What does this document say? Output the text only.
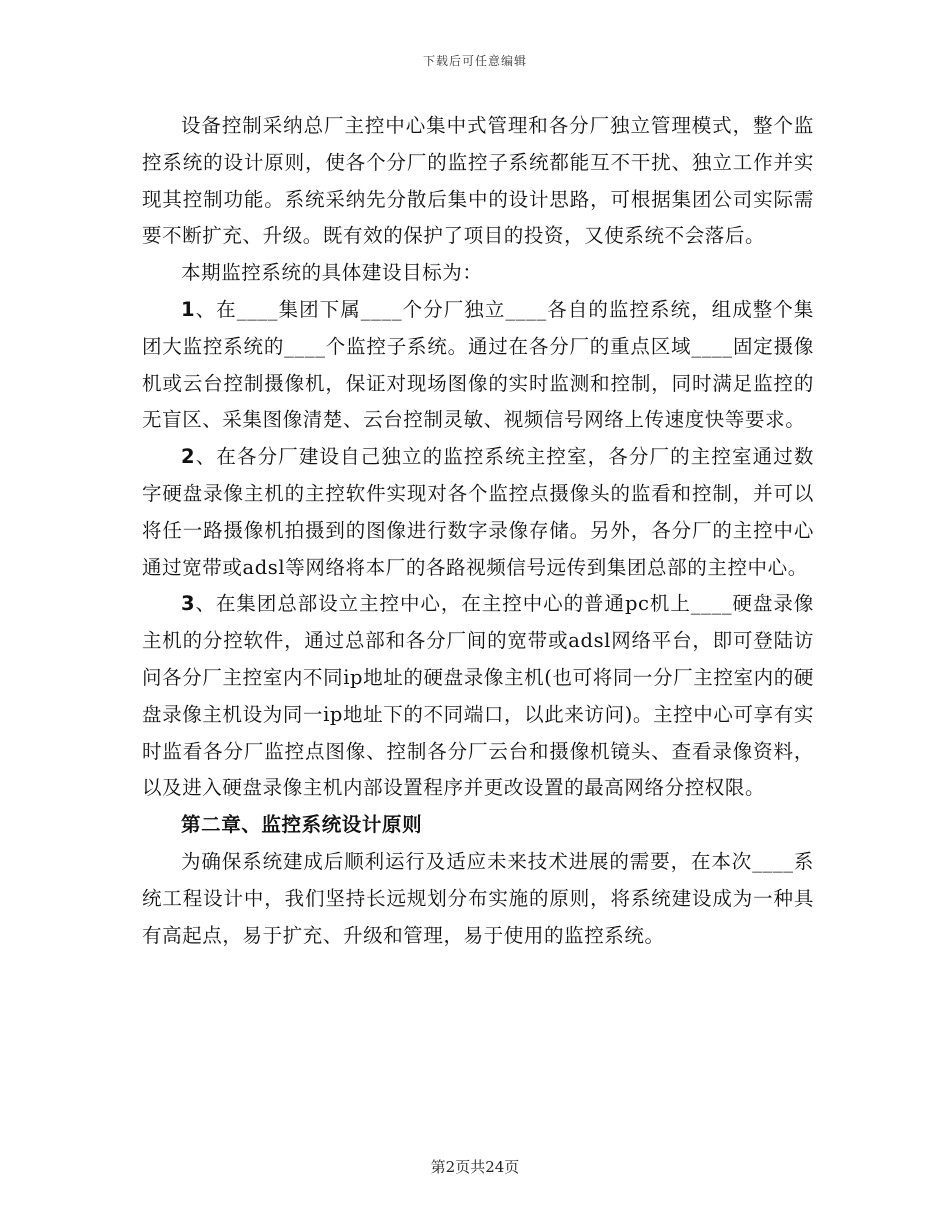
下载后可任意编辑

设备控制采纳总厂主控中心集中式管理和各分厂独立管理模式，整个监控系统的设计原则，使各个分厂的监控子系统都能互不干扰、独立工作并实现其控制功能。系统采纳先分散后集中的设计思路，可根据集团公司实际需要不断扩充、升级。既有效的保护了项目的投资，又使系统不会落后。

本期监控系统的具体建设目标为：

1、在____集团下属____个分厂独立____各自的监控系统，组成整个集团大监控系统的____个监控子系统。通过在各分厂的重点区域____固定摄像机或云台控制摄像机，保证对现场图像的实时监测和控制，同时满足监控的无盲区、采集图像清楚、云台控制灵敏、视频信号网络上传速度快等要求。

2、在各分厂建设自己独立的监控系统主控室，各分厂的主控室通过数字硬盘录像主机的主控软件实现对各个监控点摄像头的监看和控制，并可以将任一路摄像机拍摄到的图像进行数字录像存储。另外，各分厂的主控中心通过宽带或adsl等网络将本厂的各路视频信号远传到集团总部的主控中心。

3、在集团总部设立主控中心，在主控中心的普通pc机上____硬盘录像主机的分控软件，通过总部和各分厂间的宽带或adsl网络平台，即可登陆访问各分厂主控室内不同ip地址的硬盘录像主机(也可将同一分厂主控室内的硬盘录像主机设为同一ip地址下的不同端口，以此来访问)。主控中心可享有实时监看各分厂监控点图像、控制各分厂云台和摄像机镜头、查看录像资料，以及进入硬盘录像主机内部设置程序并更改设置的最高网络分控权限。

第二章、监控系统设计原则

为确保系统建成后顺利运行及适应未来技术进展的需要，在本次____系统工程设计中，我们坚持长远规划分布实施的原则，将系统建设成为一种具有高起点，易于扩充、升级和管理，易于使用的监控系统。

第2页共24页
